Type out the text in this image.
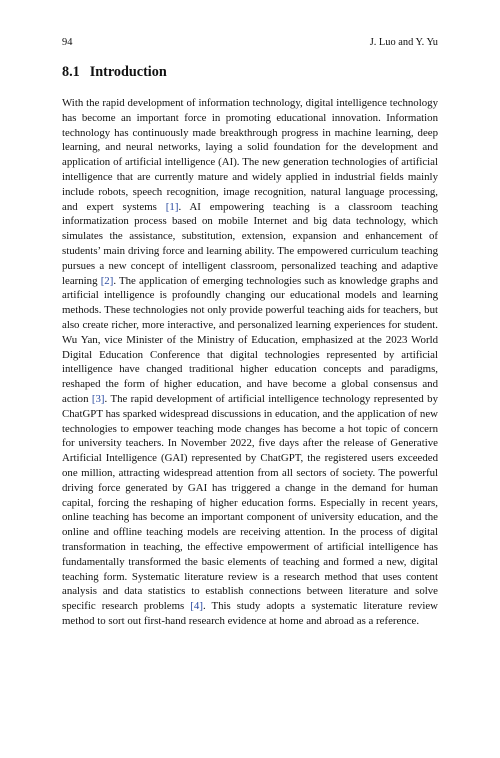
94	J. Luo and Y. Yu
8.1 Introduction

With the rapid development of information technology, digital intelligence technology has become an important force in promoting educational innovation. Information technology has continuously made breakthrough progress in machine learning, deep learning, and neural networks, laying a solid foundation for the development and application of artificial intelligence (AI). The new generation technologies of artificial intelligence that are currently mature and widely applied in industrial fields mainly include robots, speech recognition, image recognition, natural language processing, and expert systems [1]. AI empowering teaching is a classroom teaching informatization process based on mobile Internet and big data technology, which simulates the assistance, substitution, extension, expansion and enhancement of students’ main driving force and learning ability. The empowered curriculum teaching pursues a new concept of intelligent classroom, personalized teaching and adaptive learning [2]. The application of emerging technologies such as knowledge graphs and artificial intelligence is profoundly changing our educational models and learning methods. These technologies not only provide powerful teaching aids for teachers, but also create richer, more interactive, and personalized learning experiences for student. Wu Yan, vice Minister of the Ministry of Education, emphasized at the 2023 World Digital Education Conference that digital technologies represented by artificial intelligence have changed traditional higher education concepts and paradigms, reshaped the form of higher education, and have become a global consensus and action [3]. The rapid development of artificial intelligence technology represented by ChatGPT has sparked widespread discussions in education, and the application of new technologies to empower teaching mode changes has become a hot topic of concern for university teachers. In November 2022, five days after the release of Generative Artificial Intelligence (GAI) represented by ChatGPT, the registered users exceeded one million, attracting widespread attention from all sectors of society. The powerful driving force generated by GAI has triggered a change in the demand for human capital, forcing the reshaping of higher education forms. Especially in recent years, online teaching has become an important component of university education, and the online and offline teaching models are receiving attention. In the process of digital transformation in teaching, the effective empowerment of artificial intelligence has fundamentally transformed the basic elements of teaching and formed a new, digital teaching form. Systematic literature review is a research method that uses content analysis and data statistics to establish connections between literature and solve specific research problems [4]. This study adopts a systematic literature review method to sort out first-hand research evidence at home and abroad as a reference.
